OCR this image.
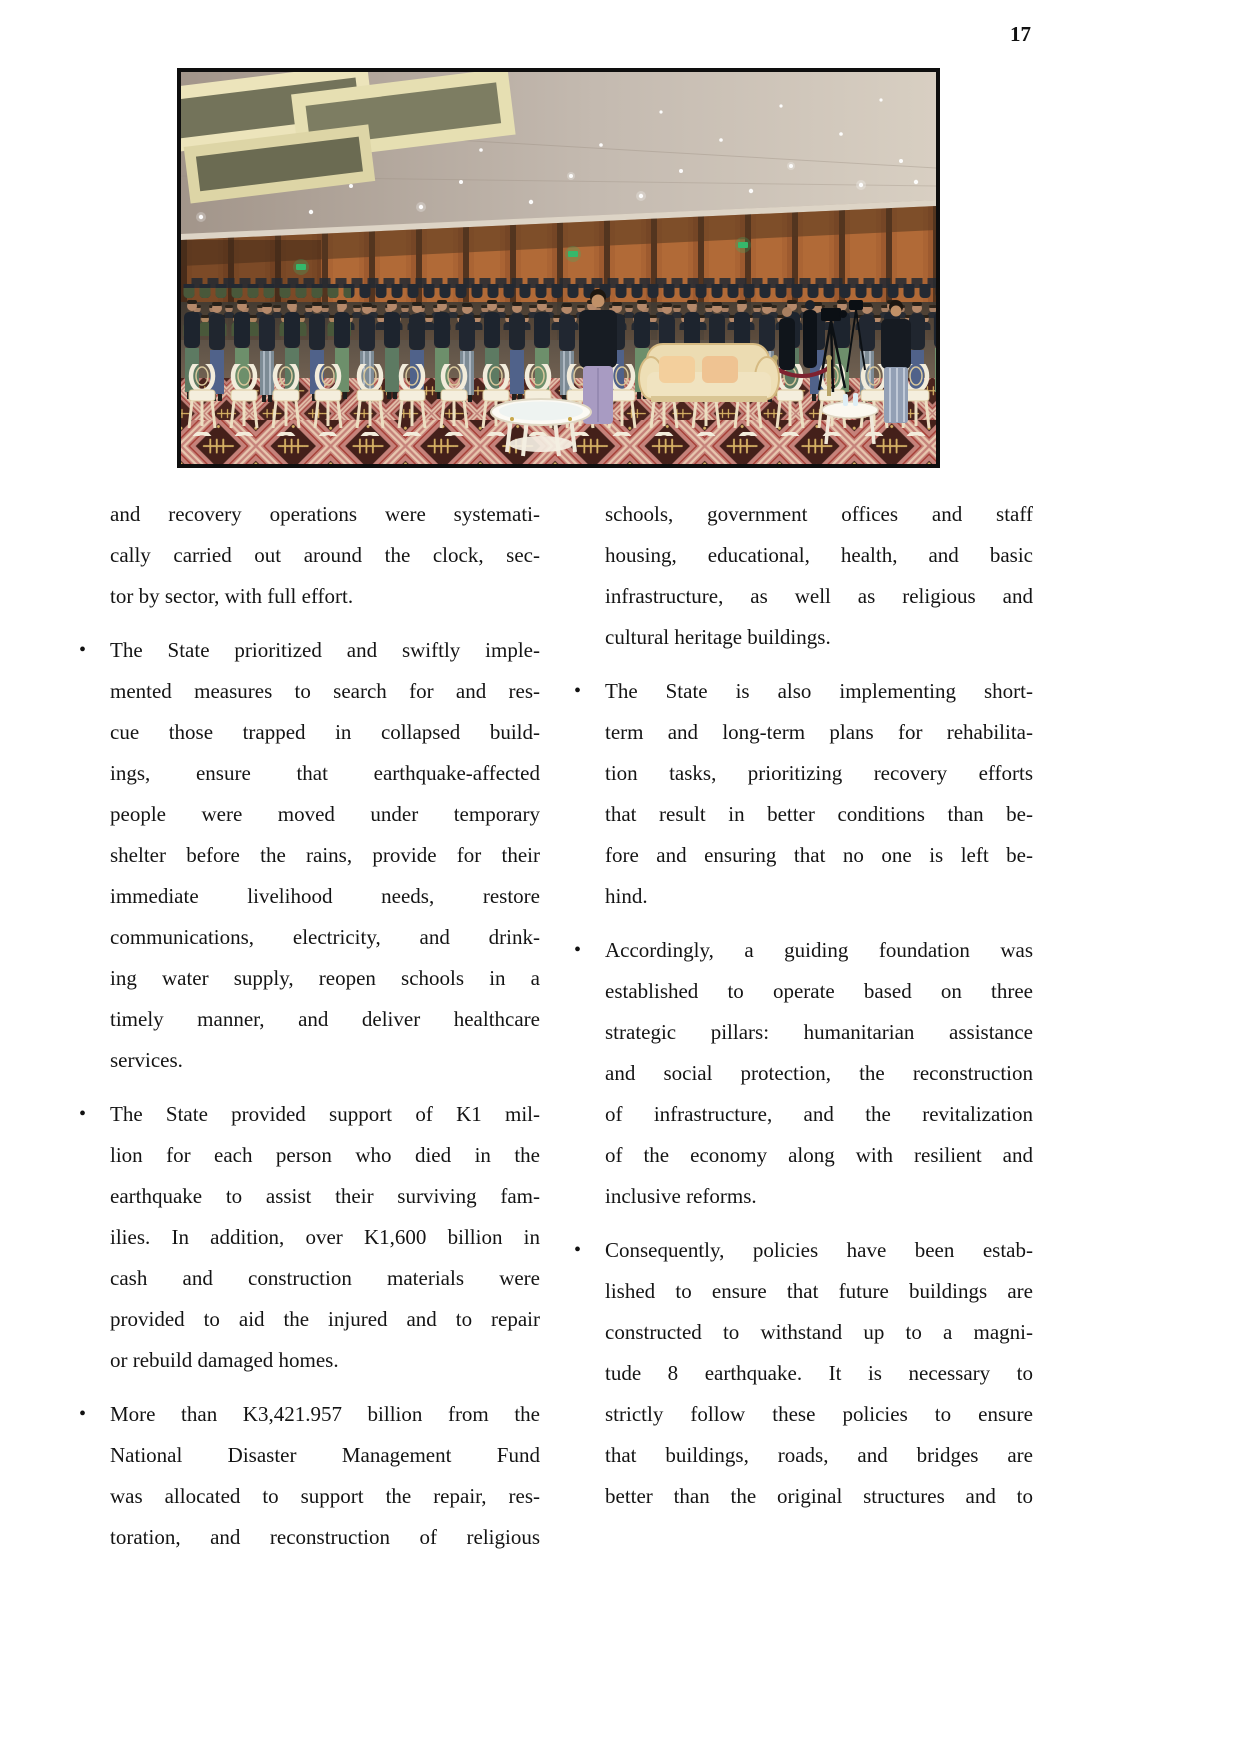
17
and recovery operations were systemati-
cally carried out around the clock, sec-
tor by sector, with full effort.
•	The State prioritized and swiftly imple-
mented measures to search for and res-
cue those trapped in collapsed build-
ings, ensure that earthquake-affected
people were moved under temporary
shelter before the rains, provide for their
immediate livelihood needs, restore
communications, electricity, and drink-
ing water supply, reopen schools in a
timely manner, and deliver healthcare
services.
•	The State provided support of K1 mil-
lion for each person who died in the
earthquake to assist their surviving fam-
ilies. In addition, over K1,600 billion in
cash and construction materials were
provided to aid the injured and to repair
or rebuild damaged homes.
•	More than K3,421.957 billion from the
National Disaster Management Fund
was allocated to support the repair, res-
toration, and reconstruction of religious
schools, government offices and staff
housing, educational, health, and basic
infrastructure, as well as religious and
cultural heritage buildings.
•	The State is also implementing short-
term and long-term plans for rehabilita-
tion tasks, prioritizing recovery efforts
that result in better conditions than be-
fore and ensuring that no one is left be-
hind.
•	Accordingly, a guiding foundation was
established to operate based on three
strategic pillars: humanitarian assistance
and social protection, the reconstruction
of infrastructure, and the revitalization
of the economy along with resilient and
inclusive reforms.
•	Consequently, policies have been estab-
lished to ensure that future buildings are
constructed to withstand up to a magni-
tude 8 earthquake. It is necessary to
strictly follow these policies to ensure
that buildings, roads, and bridges are
better than the original structures and to
